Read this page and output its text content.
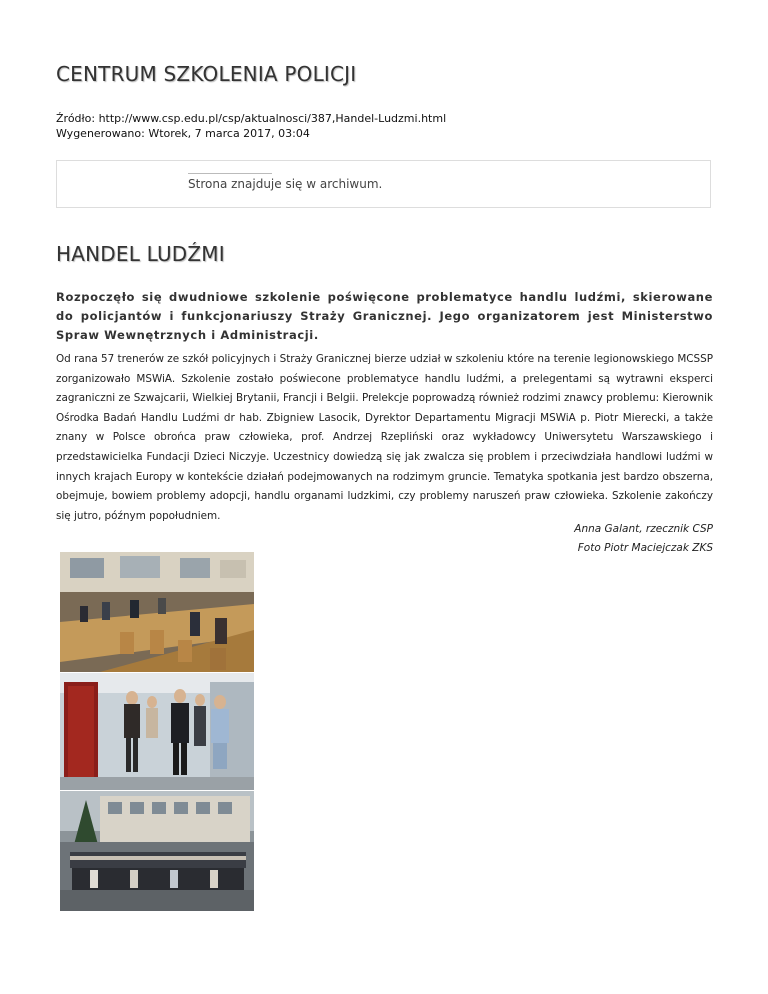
CENTRUM SZKOLENIA POLICJI
Źródło: http://www.csp.edu.pl/csp/aktualnosci/387,Handel-Ludzmi.html
Wygenerowano: Wtorek, 7 marca 2017, 03:04
Strona znajduje się w archiwum.
HANDEL LUDŹMI

Rozpoczęło się dwudniowe szkolenie poświęcone problematyce handlu ludźmi, skierowane do policjantów i funkcjonariuszy Straży Granicznej. Jego organizatorem jest Ministerstwo Spraw Wewnętrznych i Administracji.

Od rana 57 trenerów ze szkół policyjnych i Straży Granicznej bierze udział w szkoleniu które na terenie legionowskiego MCSSP zorganizowało MSWiA. Szkolenie zostało poświecone problematyce handlu ludźmi, a prelegentami są wytrawni eksperci zagraniczni ze Szwajcarii, Wielkiej Brytanii, Francji i Belgii. Prelekcje poprowadzą również rodzimi znawcy problemu: Kierownik Ośrodka Badań Handlu Ludźmi dr hab. Zbigniew Lasocik, Dyrektor Departamentu Migracji MSWiA p. Piotr Mierecki, a także znany w Polsce obrońca praw człowieka, prof. Andrzej Rzepliński oraz wykładowcy Uniwersytetu Warszawskiego i przedstawicielka Fundacji Dzieci Niczyje. Uczestnicy dowiedzą się jak zwalcza się problem i przeciwdziała handlowi ludźmi w innych krajach Europy w kontekście działań podejmowanych na rodzimym gruncie. Tematyka spotkania jest bardzo obszerna, obejmuje, bowiem problemy adopcji, handlu organami ludzkimi, czy problemy naruszeń praw człowieka. Szkolenie zakończy się jutro, późnym popołudniem.

Anna Galant, rzecznik CSP
Foto Piotr Maciejczak ZKS
